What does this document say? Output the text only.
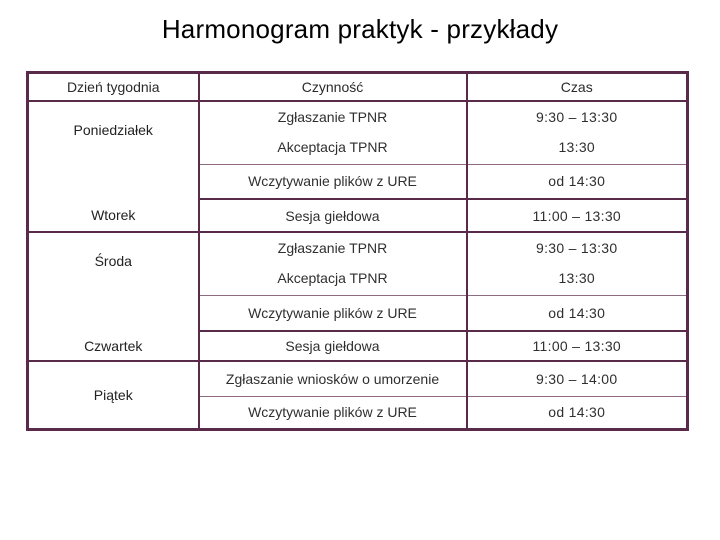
Harmonogram praktyk - przykłady
Dzień tygodnia	Czynność	Czas
Poniedziałek	Zgłaszanie TPNR	9:30 – 13:30
	Akceptacja TPNR	13:30
	Wczytywanie plików z URE	od 14:30
Wtorek	Sesja giełdowa	11:00 – 13:30
Środa	Zgłaszanie TPNR	9:30 – 13:30
	Akceptacja TPNR	13:30
	Wczytywanie plików z URE	od 14:30
Czwartek	Sesja giełdowa	11:00 – 13:30
Piątek	Zgłaszanie wniosków o umorzenie	9:30 – 14:00
	Wczytywanie plików z URE	od 14:30
